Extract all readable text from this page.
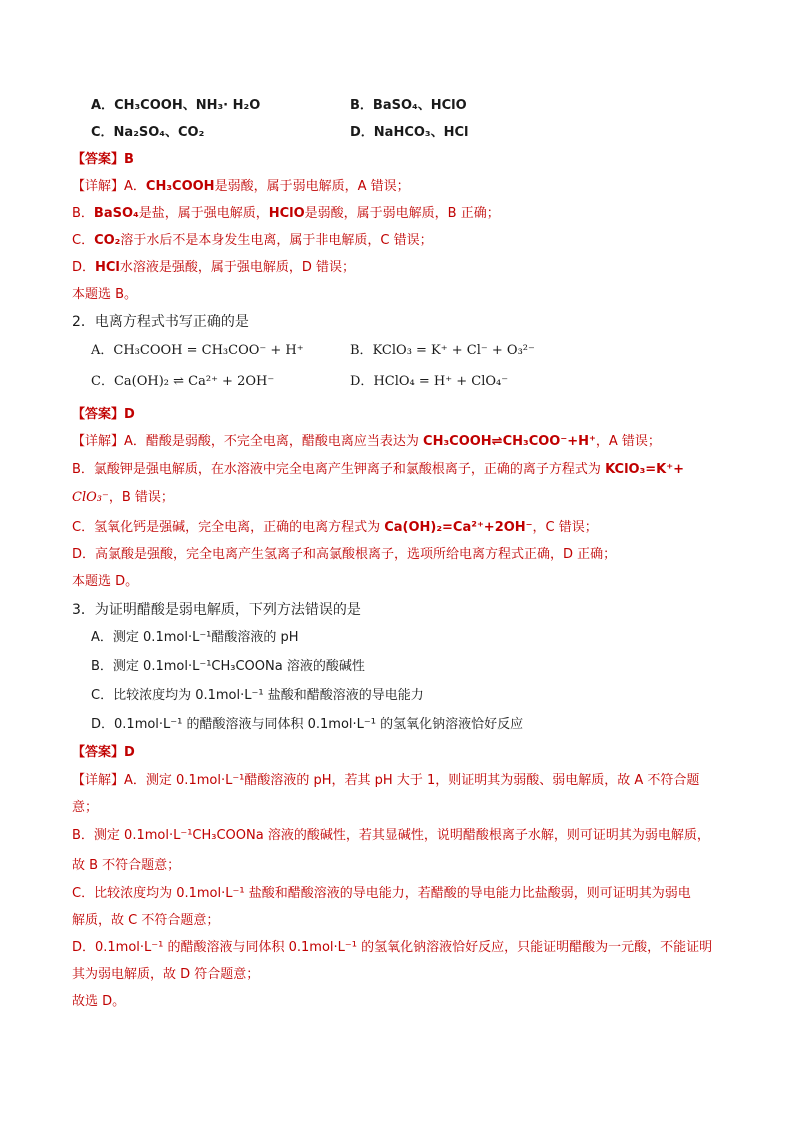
A．CH₃COOH、NH₃· H₂O	B．BaSO₄、HClO
C．Na₂SO₄、CO₂	D．NaHCO₃、HCl
【答案】B
【详解】A．CH₃COOH是弱酸，属于弱电解质，A 错误；
B．BaSO₄是盐，属于强电解质，HClO是弱酸，属于弱电解质，B 正确；
C．CO₂溶于水后不是本身发生电离，属于非电解质，C 错误；
D．HCl水溶液是强酸，属于强电解质，D 错误；
本题选 B。
2．电离方程式书写正确的是
A．CH₃COOH = CH₃COO⁻ + H⁺	B．KClO₃ = K⁺ + Cl⁻ + O₃²⁻
C．Ca(OH)₂ ⇌ Ca²⁺ + 2OH⁻	D．HClO₄ = H⁺ + ClO₄⁻
【答案】D
【详解】A．醋酸是弱酸，不完全电离，醋酸电离应当表达为 CH₃COOH⇌CH₃COO⁻+H⁺，A 错误；
B．氯酸钾是强电解质，在水溶液中完全电离产生钾离子和氯酸根离子，正确的离子方程式为 KClO₃=K⁺+
ClO₃⁻，B 错误；
C．氢氧化钙是强碱，完全电离，正确的电离方程式为 Ca(OH)₂=Ca²⁺+2OH⁻，C 错误；
D．高氯酸是强酸，完全电离产生氢离子和高氯酸根离子，选项所给电离方程式正确，D 正确；
本题选 D。
3．为证明醋酸是弱电解质，下列方法错误的是
A．测定 0.1mol·L⁻¹醋酸溶液的 pH
B．测定 0.1mol·L⁻¹CH₃COONa 溶液的酸碱性
C．比较浓度均为 0.1mol·L⁻¹ 盐酸和醋酸溶液的导电能力
D．0.1mol·L⁻¹ 的醋酸溶液与同体积 0.1mol·L⁻¹ 的氢氧化钠溶液恰好反应
【答案】D
【详解】A．测定 0.1mol·L⁻¹醋酸溶液的 pH，若其 pH 大于 1，则证明其为弱酸、弱电解质，故 A 不符合题
意；
B．测定 0.1mol·L⁻¹CH₃COONa 溶液的酸碱性，若其显碱性，说明醋酸根离子水解，则可证明其为弱电解质，
故 B 不符合题意；
C．比较浓度均为 0.1mol·L⁻¹ 盐酸和醋酸溶液的导电能力，若醋酸的导电能力比盐酸弱，则可证明其为弱电
解质，故 C 不符合题意；
D．0.1mol·L⁻¹ 的醋酸溶液与同体积 0.1mol·L⁻¹ 的氢氧化钠溶液恰好反应，只能证明醋酸为一元酸，不能证明
其为弱电解质，故 D 符合题意；
故选 D。
